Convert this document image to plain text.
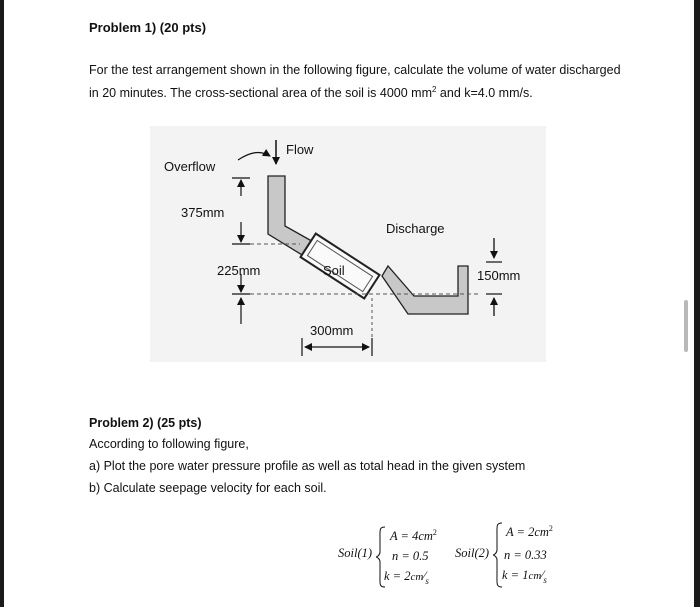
Problem 1) (20 pts)
For the test arrangement shown in the following figure, calculate the volume of water discharged
in 20 minutes. The cross-sectional area of the soil is 4000 $mm^2$ and k=4.0 mm/s.
Flow
Overflow
375mm
Discharge
225mm	Soil	150mm
300mm
Problem 2) (25 pts)
According to following figure,
a) Plot the pore water pressure profile as well as total head in the given system
b) Calculate seepage velocity for each soil.
Soil(1)
$A = 4cm^2$
n = 0.5
$k = 2cm⁄_s$
Soil(2)
$A = 2cm^2$
n = 0.33
$k = 1cm⁄_s$
